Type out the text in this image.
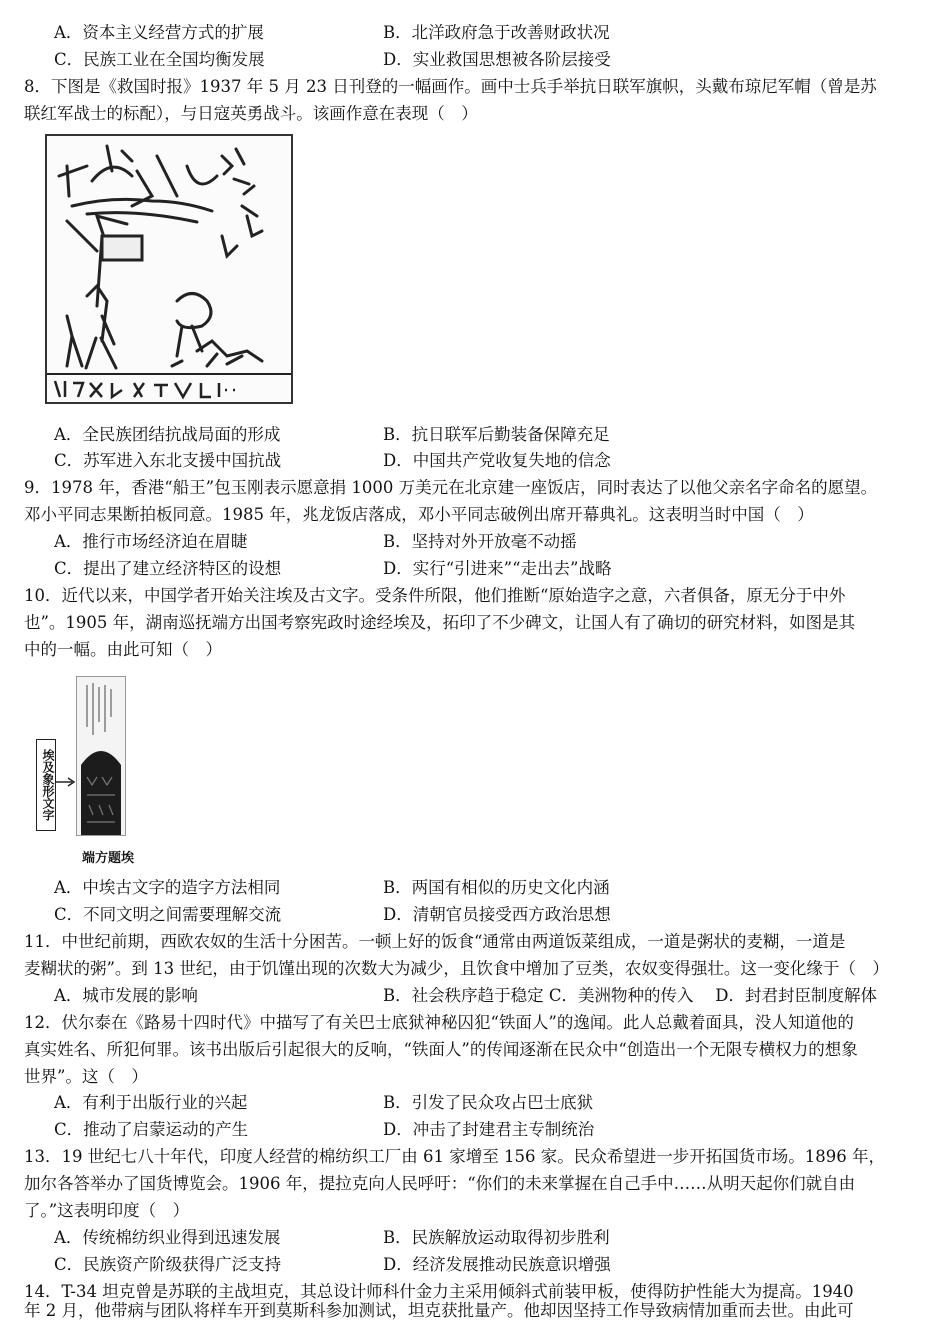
A．资本主义经营方式的扩展	B．北洋政府急于改善财政状况
C．民族工业在全国均衡发展	D．实业救国思想被各阶层接受
8．下图是《救国时报》1937 年 5 月 23 日刊登的一幅画作。画中士兵手举抗日联军旗帜，头戴布琼尼军帽（曾是苏
联红军战士的标配），与日寇英勇战斗。该画作意在表现（　）
A．全民族团结抗战局面的形成	B．抗日联军后勤装备保障充足
C．苏军进入东北支援中国抗战	D．中国共产党收复失地的信念
9．1978 年，香港“船王”包玉刚表示愿意捐 1000 万美元在北京建一座饭店，同时表达了以他父亲名字命名的愿望。
邓小平同志果断拍板同意。1985 年，兆龙饭店落成，邓小平同志破例出席开幕典礼。这表明当时中国（　）
A．推行市场经济迫在眉睫	B．坚持对外开放毫不动摇
C．提出了建立经济特区的设想	D．实行“引进来”“走出去”战略
10．近代以来，中国学者开始关注埃及古文字。受条件所限，他们推断“原始造字之意，六者俱备，原无分于中外
也”。1905 年，湖南巡抚端方出国考察宪政时途经埃及，拓印了不少碑文，让国人有了确切的研究材料，如图是其
中的一幅。由此可知（　）
埃及象形文字
端方题埃
A．中埃古文字的造字方法相同	B．两国有相似的历史文化内涵
C．不同文明之间需要理解交流	D．清朝官员接受西方政治思想
11．中世纪前期，西欧农奴的生活十分困苦。一顿上好的饭食“通常由两道饭菜组成，一道是粥状的麦糊，一道是
麦糊状的粥”。到 13 世纪，由于饥馑出现的次数大为减少，且饮食中增加了豆类，农奴变得强壮。这一变化缘于（　）
A．城市发展的影响	B．社会秩序趋于稳定 C．美洲物种的传入　 D．封君封臣制度解体
12．伏尔泰在《路易十四时代》中描写了有关巴士底狱神秘囚犯“铁面人”的逸闻。此人总戴着面具，没人知道他的
真实姓名、所犯何罪。该书出版后引起很大的反响，“铁面人”的传闻逐渐在民众中“创造出一个无限专横权力的想象
世界”。这（　）
A．有利于出版行业的兴起	B．引发了民众攻占巴士底狱
C．推动了启蒙运动的产生	D．冲击了封建君主专制统治
13．19 世纪七八十年代，印度人经营的棉纺织工厂由 61 家增至 156 家。民众希望进一步开拓国货市场。1896 年，
加尔各答举办了国货博览会。1906 年，提拉克向人民呼吁：“你们的未来掌握在自己手中……从明天起你们就自由
了。”这表明印度（　）
A．传统棉纺织业得到迅速发展	B．民族解放运动取得初步胜利
C．民族资产阶级获得广泛支持	D．经济发展推动民族意识增强
14．T-34 坦克曾是苏联的主战坦克，其总设计师科什金力主采用倾斜式前装甲板，使得防护性能大为提高。1940
年 2 月，他带病与团队将样车开到莫斯科参加测试，坦克获批量产。他却因坚持工作导致病情加重而去世。由此可
